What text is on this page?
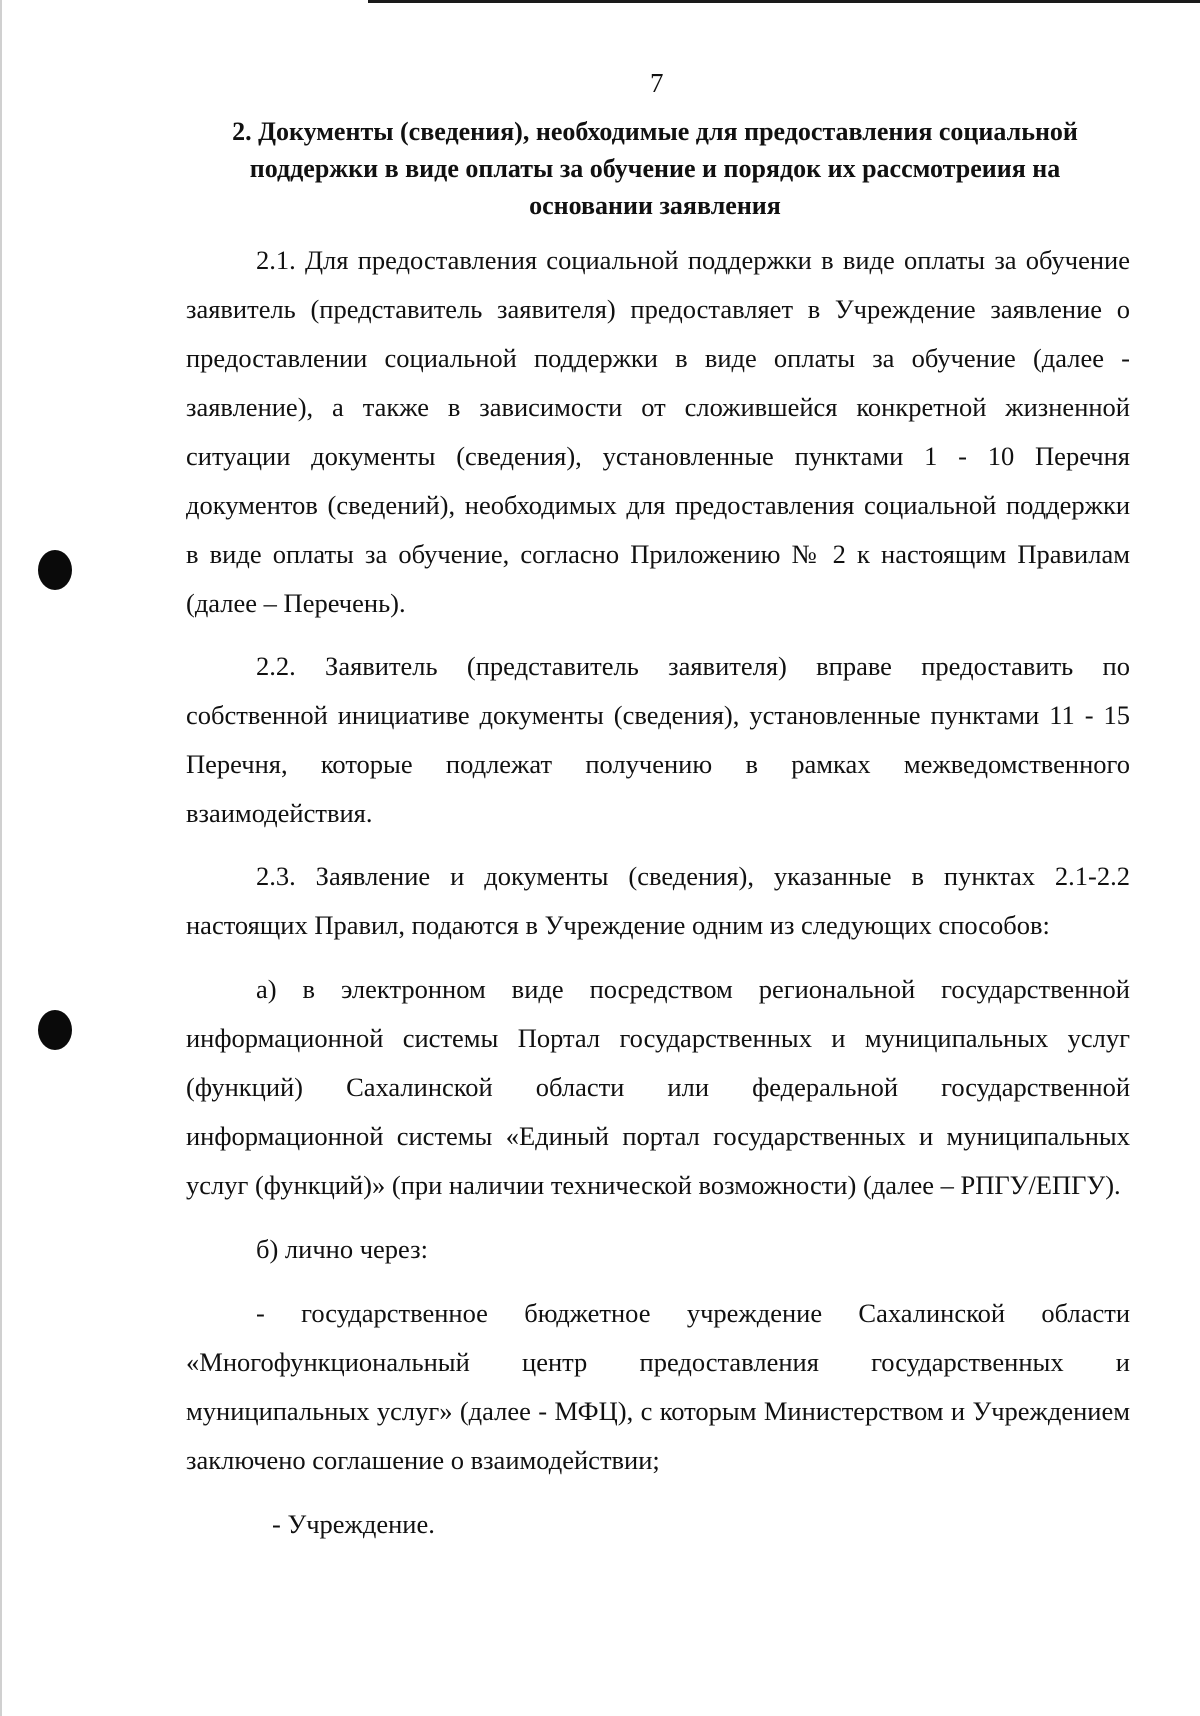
7
2. Документы (сведения), необходимые для предоставления социальной поддержки в виде оплаты за обучение и порядок их рассмотреиия на основании заявления

2.1. Для предоставления социальной поддержки в виде оплаты за обучение заявитель (представитель заявителя) предоставляет в Учреждение заявление о предоставлении социальной поддержки в виде оплаты за обучение (далее - заявление), а также в зависимости от сложившейся конкретной жизненной ситуации документы (сведения), установленные пунктами 1 - 10 Перечня документов (сведений), необходимых для предоставления социальной поддержки в виде оплаты за обучение, согласно Приложению № 2 к настоящим Правилам (далее – Перечень).

2.2. Заявитель (представитель заявителя) вправе предоставить по собственной инициативе документы (сведения), установленные пунктами 11 - 15 Перечня, которые подлежат получению в рамках межведомственного взаимодействия.

2.3. Заявление и документы (сведения), указанные в пунктах 2.1-2.2 настоящих Правил, подаются в Учреждение одним из следующих способов:

а) в электронном виде посредством региональной государственной информационной системы Портал государственных и муниципальных услуг (функций) Сахалинской области или федеральной государственной информационной системы «Единый портал государственных и муниципальных услуг (функций)» (при наличии технической возможности) (далее – РПГУ/ЕПГУ).

б) лично через:

- государственное бюджетное учреждение Сахалинской области «Многофункциональный центр предоставления государственных и муниципальных услуг» (далее - МФЦ), с которым Министерством и Учреждением заключено соглашение о взаимодействии;

- Учреждение.
